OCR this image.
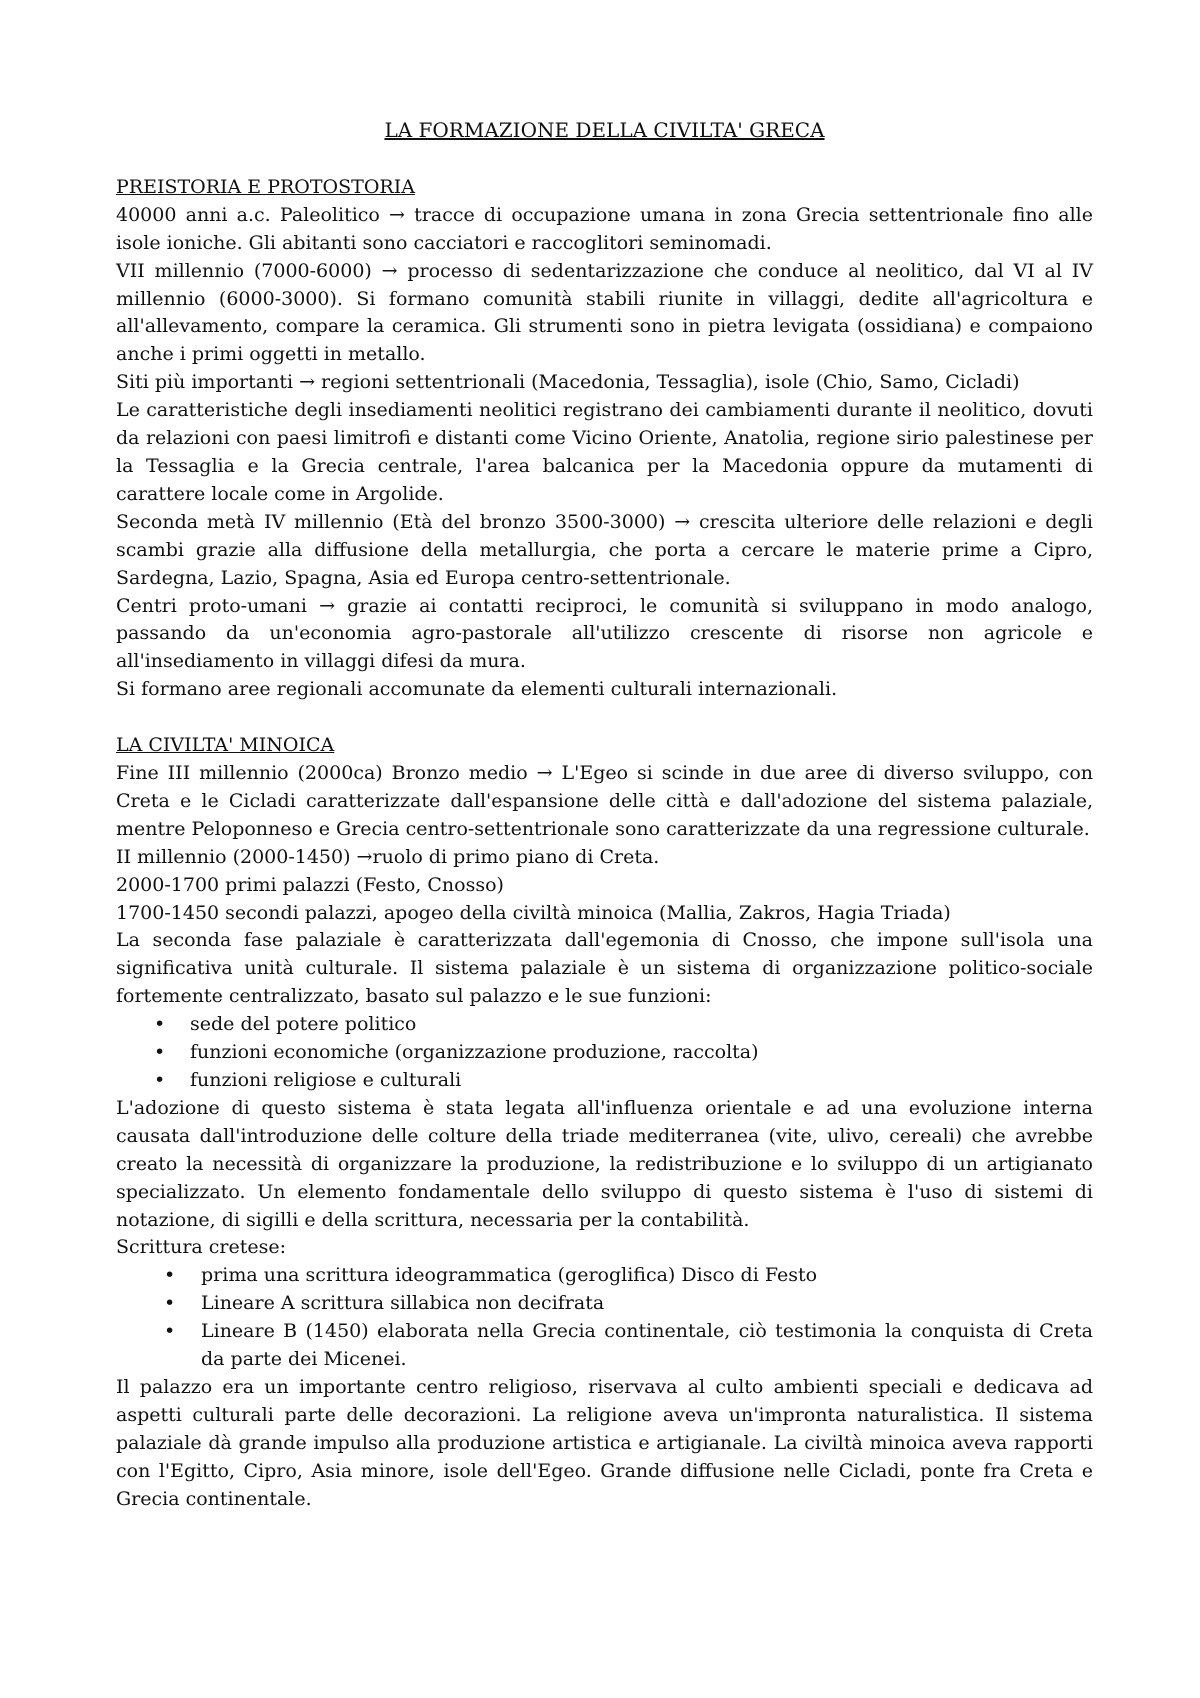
LA FORMAZIONE DELLA CIVILTA' GRECA
PREISTORIA E PROTOSTORIA

40000 anni a.c. Paleolitico → tracce di occupazione umana in zona Grecia settentrionale fino alle isole ioniche. Gli abitanti sono cacciatori e raccoglitori seminomadi.

VII millennio (7000-6000) → processo di sedentarizzazione che conduce al neolitico, dal VI al IV millennio (6000-3000). Si formano comunità stabili riunite in villaggi, dedite all'agricoltura e all'allevamento, compare la ceramica. Gli strumenti sono in pietra levigata (ossidiana) e compaiono anche i primi oggetti in metallo.

Siti più importanti → regioni settentrionali (Macedonia, Tessaglia), isole (Chio, Samo, Cicladi)

Le caratteristiche degli insediamenti neolitici registrano dei cambiamenti durante il neolitico, dovuti da relazioni con paesi limitrofi e distanti come Vicino Oriente, Anatolia, regione sirio palestinese per la Tessaglia e la Grecia centrale, l'area balcanica per la Macedonia oppure da mutamenti di carattere locale come in Argolide.

Seconda metà IV millennio (Età del bronzo 3500-3000) → crescita ulteriore delle relazioni e degli scambi grazie alla diffusione della metallurgia, che porta a cercare le materie prime a Cipro, Sardegna, Lazio, Spagna, Asia ed Europa centro-settentrionale.

Centri proto-umani → grazie ai contatti reciproci, le comunità si sviluppano in modo analogo, passando da un'economia agro-pastorale all'utilizzo crescente di risorse non agricole e all'insediamento in villaggi difesi da mura.

Si formano aree regionali accomunate da elementi culturali internazionali.

LA CIVILTA' MINOICA

Fine III millennio (2000ca) Bronzo medio → L'Egeo si scinde in due aree di diverso sviluppo, con Creta e le Cicladi caratterizzate dall'espansione delle città e dall'adozione del sistema palaziale, mentre Peloponneso e Grecia centro-settentrionale sono caratterizzate da una regressione culturale.

II millennio (2000-1450) →ruolo di primo piano di Creta.

2000-1700 primi palazzi (Festo, Cnosso)

1700-1450 secondi palazzi, apogeo della civiltà minoica (Mallia, Zakros, Hagia Triada)

La seconda fase palaziale è caratterizzata dall'egemonia di Cnosso, che impone sull'isola una significativa unità culturale. Il sistema palaziale è un sistema di organizzazione politico-sociale fortemente centralizzato, basato sul palazzo e le sue funzioni:

• sede del potere politico
• funzioni economiche (organizzazione produzione, raccolta)
• funzioni religiose e culturali

L'adozione di questo sistema è stata legata all'influenza orientale e ad una evoluzione interna causata dall'introduzione delle colture della triade mediterranea (vite, ulivo, cereali) che avrebbe creato la necessità di organizzare la produzione, la redistribuzione e lo sviluppo di un artigianato specializzato. Un elemento fondamentale dello sviluppo di questo sistema è l'uso di sistemi di notazione, di sigilli e della scrittura, necessaria per la contabilità.

Scrittura cretese:

• prima una scrittura ideogrammatica (geroglifica) Disco di Festo
• Lineare A scrittura sillabica non decifrata
• Lineare B (1450) elaborata nella Grecia continentale, ciò testimonia la conquista di Creta da parte dei Micenei.

Il palazzo era un importante centro religioso, riservava al culto ambienti speciali e dedicava ad aspetti culturali parte delle decorazioni. La religione aveva un'impronta naturalistica. Il sistema palaziale dà grande impulso alla produzione artistica e artigianale. La civiltà minoica aveva rapporti con l'Egitto, Cipro, Asia minore, isole dell'Egeo. Grande diffusione nelle Cicladi, ponte fra Creta e Grecia continentale.
